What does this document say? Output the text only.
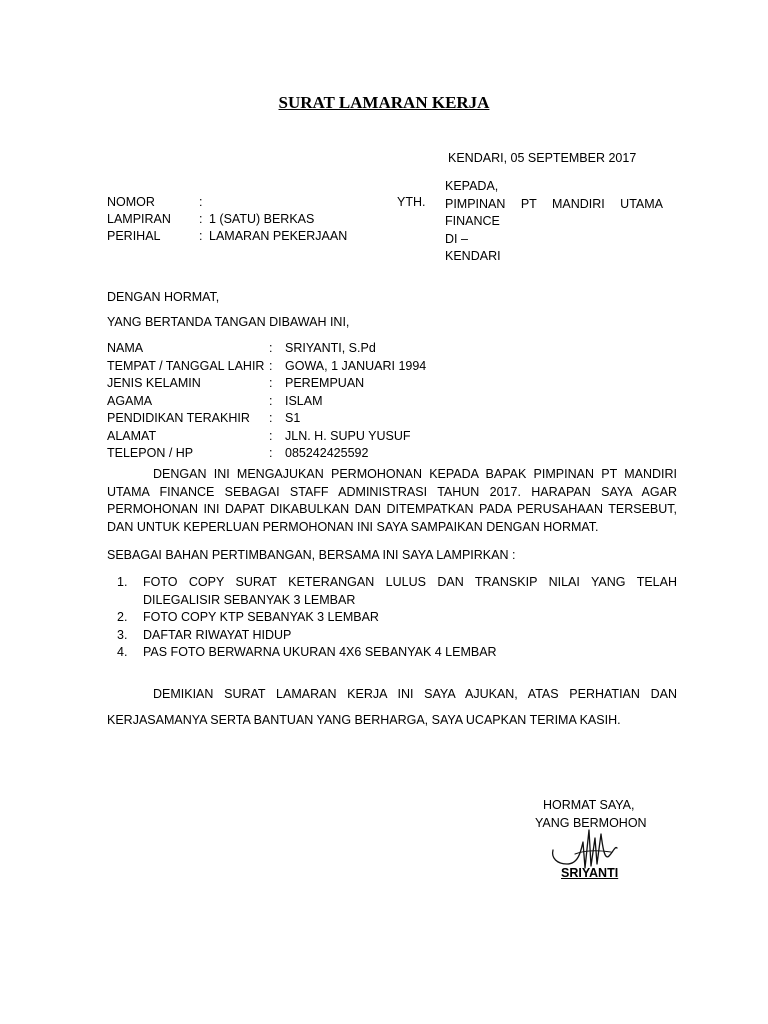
SURAT LAMARAN KERJA
KENDARI, 05 SEPTEMBER 2017
NOMOR	:
LAMPIRAN : 1 (SATU) BERKAS
PERIHAL	: LAMARAN PEKERJAAN
YTH.
KEPADA,
PIMPINAN PT MANDIRI UTAMA
FINANCE
DI –
KENDARI
DENGAN HORMAT,
YANG BERTANDA TANGAN DIBAWAH INI,
NAMA	: SRIYANTI, S.Pd
TEMPAT / TANGGAL LAHIR : GOWA, 1 JANUARI 1994
JENIS KELAMIN	: PEREMPUAN
AGAMA	: ISLAM
PENDIDIKAN TERAKHIR : S1
ALAMAT	: JLN. H. SUPU YUSUF
TELEPON / HP	: 085242425592
DENGAN INI MENGAJUKAN PERMOHONAN KEPADA BAPAK PIMPINAN PT MANDIRI UTAMA FINANCE SEBAGAI STAFF ADMINISTRASI TAHUN 2017. HARAPAN SAYA AGAR PERMOHONAN INI DAPAT DIKABULKAN DAN DITEMPATKAN PADA PERUSAHAAN TERSEBUT, DAN UNTUK KEPERLUAN PERMOHONAN INI SAYA SAMPAIKAN DENGAN HORMAT.
SEBAGAI BAHAN PERTIMBANGAN, BERSAMA INI SAYA LAMPIRKAN :
1. FOTO COPY SURAT KETERANGAN LULUS DAN TRANSKIP NILAI YANG TELAH DILEGALISIR SEBANYAK 3 LEMBAR
2. FOTO COPY KTP SEBANYAK 3 LEMBAR
3. DAFTAR RIWAYAT HIDUP
4. PAS FOTO BERWARNA UKURAN 4X6 SEBANYAK 4 LEMBAR
DEMIKIAN SURAT LAMARAN KERJA INI SAYA AJUKAN, ATAS PERHATIAN DAN
KERJASAMANYA SERTA BANTUAN YANG BERHARGA, SAYA UCAPKAN TERIMA KASIH.
HORMAT SAYA,
YANG BERMOHON
SRIYANTI
